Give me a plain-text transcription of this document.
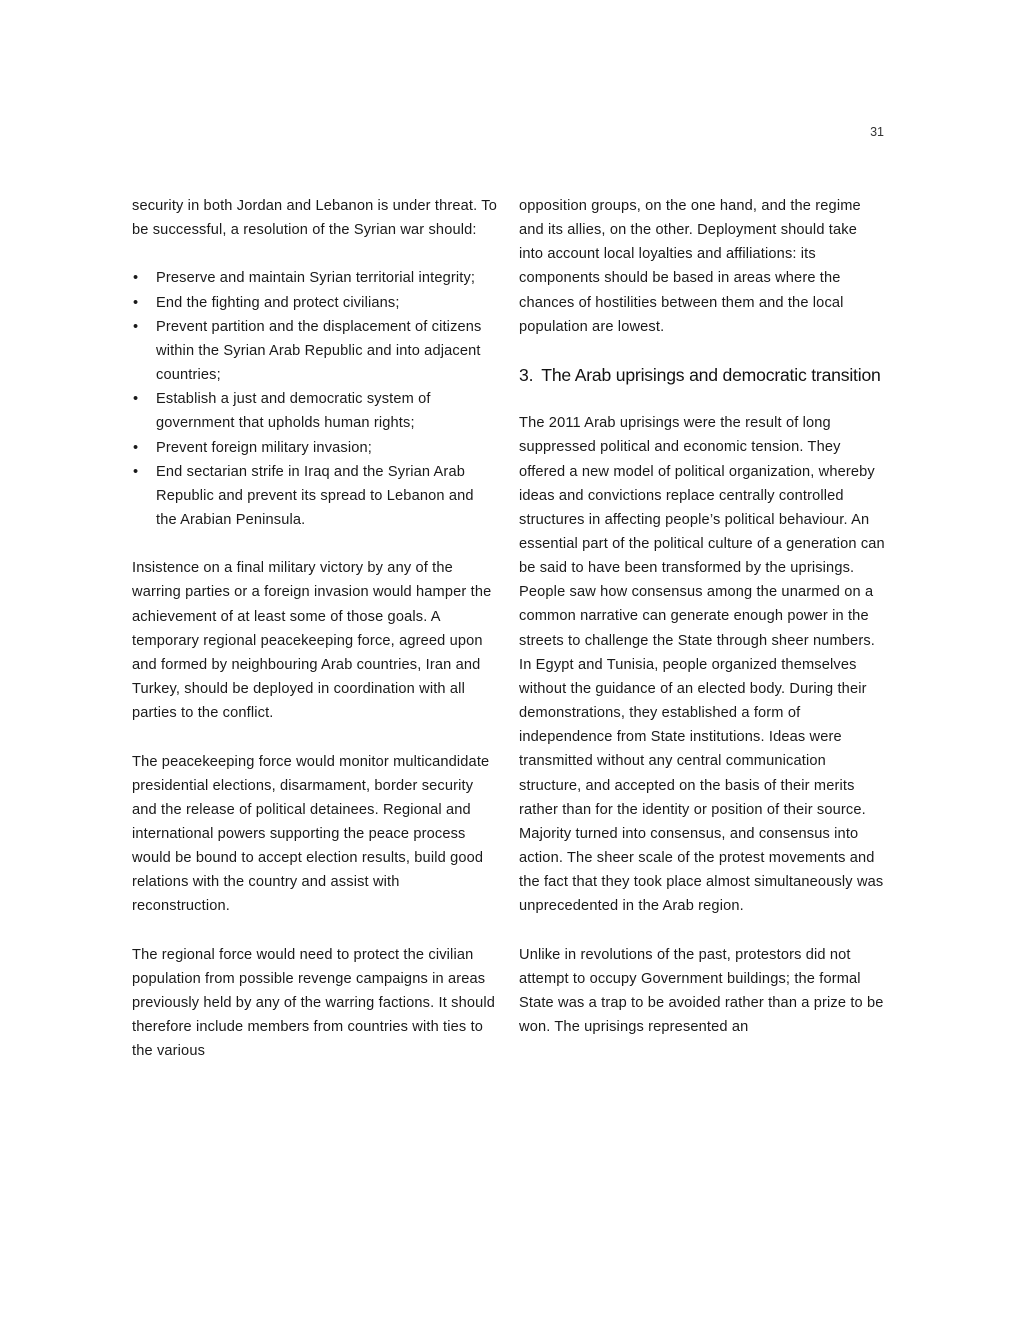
31

security in both Jordan and Lebanon is under threat. To be successful, a resolution of the Syrian war should:

• Preserve and maintain Syrian territorial integrity;
• End the fighting and protect civilians;
• Prevent partition and the displacement of citizens within the Syrian Arab Republic and into adjacent countries;
• Establish a just and democratic system of government that upholds human rights;
• Prevent foreign military invasion;
• End sectarian strife in Iraq and the Syrian Arab Republic and prevent its spread to Lebanon and the Arabian Peninsula.

Insistence on a final military victory by any of the warring parties or a foreign invasion would hamper the achievement of at least some of those goals. A temporary regional peacekeeping force, agreed upon and formed by neighbouring Arab countries, Iran and Turkey, should be deployed in coordination with all parties to the conflict.

The peacekeeping force would monitor multicandidate presidential elections, disarmament, border security and the release of political detainees. Regional and international powers supporting the peace process would be bound to accept election results, build good relations with the country and assist with reconstruction.

The regional force would need to protect the civilian population from possible revenge campaigns in areas previously held by any of the warring factions. It should therefore include members from countries with ties to the various

opposition groups, on the one hand, and the regime and its allies, on the other. Deployment should take into account local loyalties and affiliations: its components should be based in areas where the chances of hostilities between them and the local population are lowest.

3. The Arab uprisings and democratic transition

The 2011 Arab uprisings were the result of long suppressed political and economic tension. They offered a new model of political organization, whereby ideas and convictions replace centrally controlled structures in affecting people’s political behaviour. An essential part of the political culture of a generation can be said to have been transformed by the uprisings. People saw how consensus among the unarmed on a common narrative can generate enough power in the streets to challenge the State through sheer numbers. In Egypt and Tunisia, people organized themselves without the guidance of an elected body. During their demonstrations, they established a form of independence from State institutions. Ideas were transmitted without any central communication structure, and accepted on the basis of their merits rather than for the identity or position of their source. Majority turned into consensus, and consensus into action. The sheer scale of the protest movements and the fact that they took place almost simultaneously was unprecedented in the Arab region.

Unlike in revolutions of the past, protestors did not attempt to occupy Government buildings; the formal State was a trap to be avoided rather than a prize to be won. The uprisings represented an
